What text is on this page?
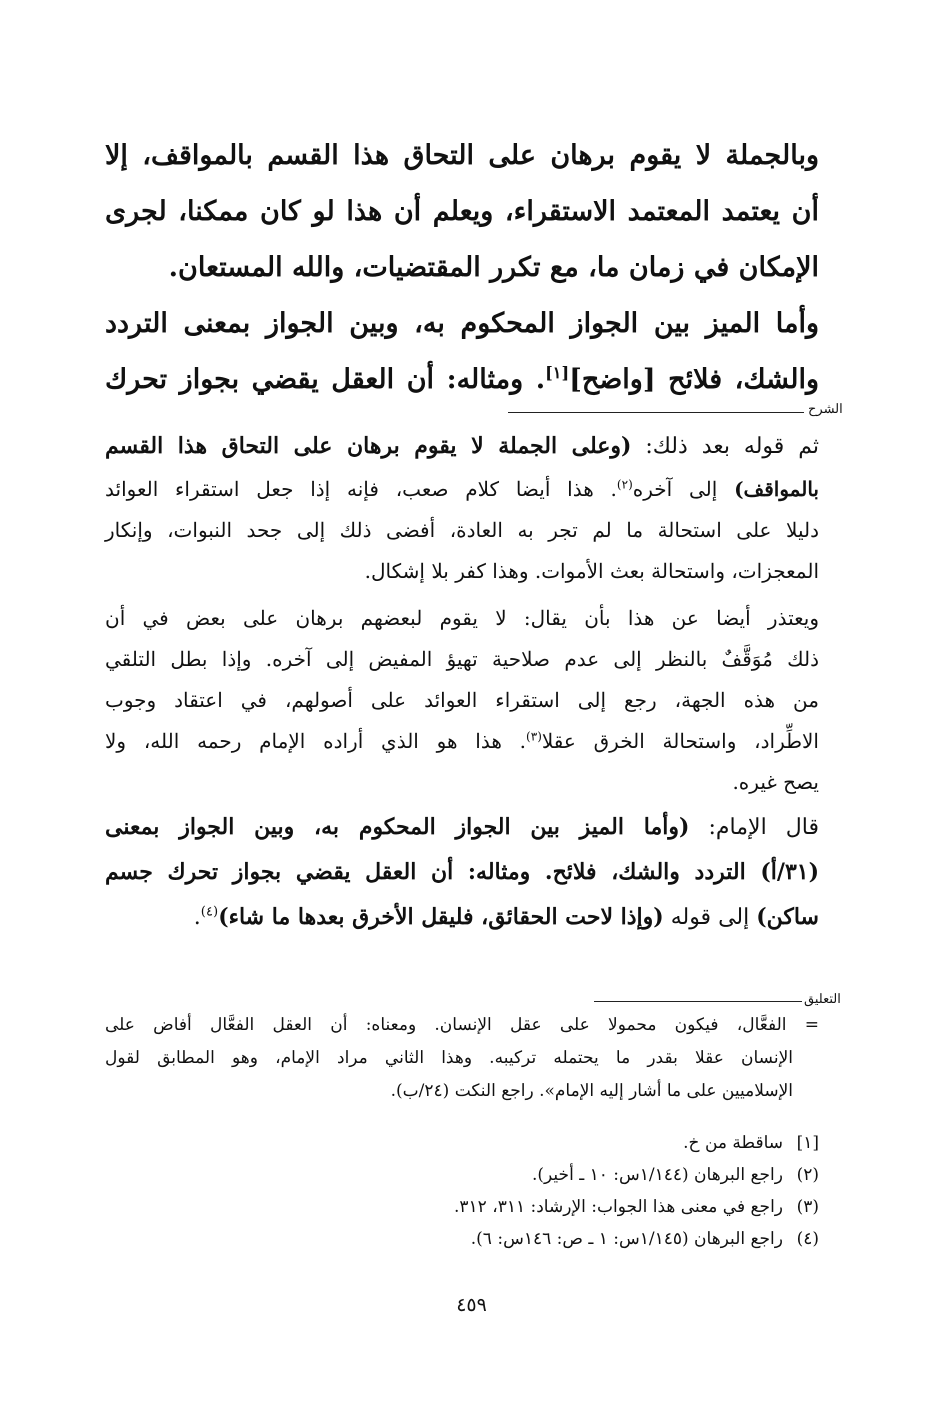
وبالجملة لا يقوم برهان على التحاق هذا القسم بالمواقف، إلا
أن يعتمد المعتمد الاستقراء، ويعلم أن هذا لو كان ممكنا، لجرى
الإمكان في زمان ما، مع تكرر المقتضيات، والله المستعان.
وأما الميز بين الجواز المحكوم به، وبين الجواز بمعنى التردد
والشك، فلائح [واضح][١]. ومثاله: أن العقل يقضي بجواز تحرك
الشرح
ثم قوله بعد ذلك: (وعلى الجملة لا يقوم برهان على التحاق هذا القسم
بالمواقف) إلى آخره$^{(٢)}$. هذا أيضا كلام صعب، فإنه إذا جعل استقراء العوائد
دليلا على استحالة ما لم تجر به العادة، أفضى ذلك إلى جحد النبوات، وإنكار
المعجزات، واستحالة بعث الأموات. وهذا كفر بلا إشكال.
ويعتذر أيضا عن هذا بأن يقال: لا يقوم لبعضهم برهان على بعض في أن
ذلك مُوَقَّفٌ بالنظر إلى عدم صلاحية تهيؤ المفيض إلى آخره. وإذا بطل التلقي
من هذه الجهة، رجع إلى استقراء العوائد على أصولهم، في اعتقاد وجوب
الاطِّراد، واستحالة الخرق عقلا$^{(٣)}$. هذا هو الذي أراده الإمام رحمه الله، ولا
يصح غيره.
قال الإمام: (وأما الميز بين الجواز المحكوم به، وبين الجواز بمعنى
(٣١/أ) التردد والشك، فلائح. ومثاله: أن العقل يقضي بجواز تحرك جسم
ساكن) إلى قوله (وإذا لاحت الحقائق، فليقل الأخرق بعدها ما شاء)$^{(٤)}$.
التعليق
= الفعَّال، فيكون محمولا على عقل الإنسان. ومعناه: أن العقل الفعَّال أفاض على
الإنسان عقلا بقدر ما يحتمله تركيبه. وهذا الثاني مراد الإمام، وهو المطابق لقول
الإسلاميين على ما أشار إليه الإمام». راجع النكت (٢٤/ب).
[١]ساقطة من خ.
(٢)راجع البرهان (١/١٤٤س: ١٠ ـ أخير).
(٣)راجع في معنى هذا الجواب: الإرشاد: ٣١١، ٣١٢.
(٤)راجع البرهان (١/١٤٥س: ١ ـ ص: ١٤٦س: ٦).
٤٥٩
